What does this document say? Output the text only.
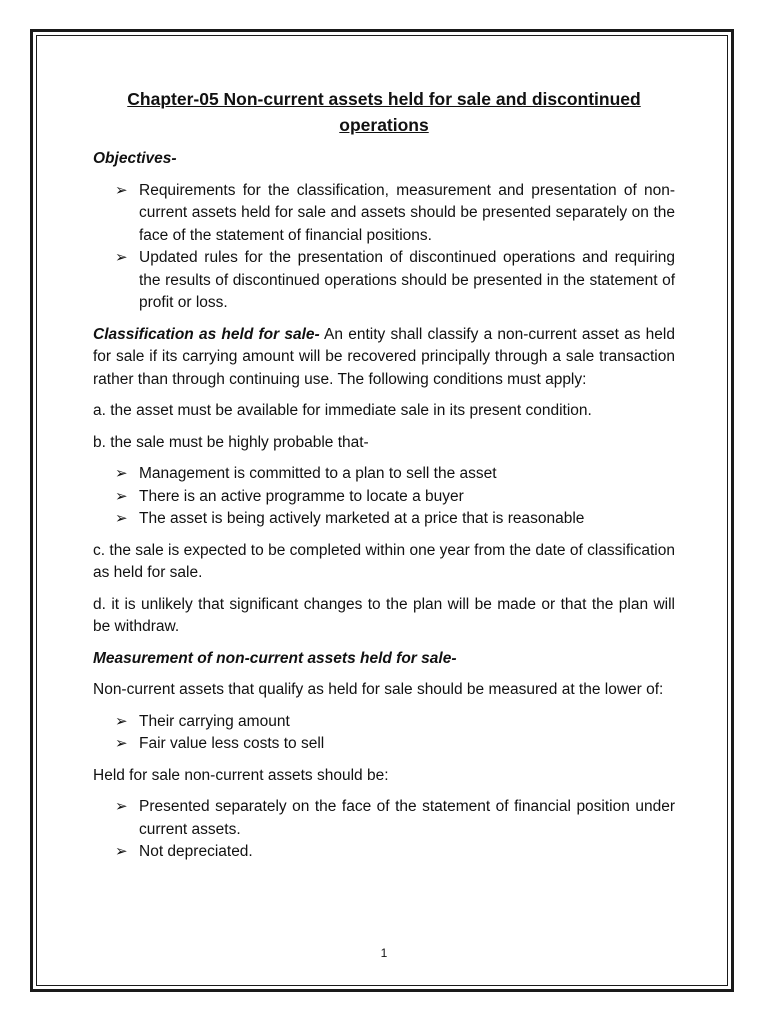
Chapter-05 Non-current assets held for sale and discontinued operations
Objectives-
➢ Requirements for the classification, measurement and presentation of non-current assets held for sale and assets should be presented separately on the face of the statement of financial positions.
➢ Updated rules for the presentation of discontinued operations and requiring the results of discontinued operations should be presented in the statement of profit or loss.
Classification as held for sale- An entity shall classify a non-current asset as held for sale if its carrying amount will be recovered principally through a sale transaction rather than through continuing use. The following conditions must apply:
a. the asset must be available for immediate sale in its present condition.
b. the sale must be highly probable that-
➢ Management is committed to a plan to sell the asset
➢ There is an active programme to locate a buyer
➢ The asset is being actively marketed at a price that is reasonable
c. the sale is expected to be completed within one year from the date of classification as held for sale.
d. it is unlikely that significant changes to the plan will be made or that the plan will be withdraw.
Measurement of non-current assets held for sale-
Non-current assets that qualify as held for sale should be measured at the lower of:
➢ Their carrying amount
➢ Fair value less costs to sell
Held for sale non-current assets should be:
➢ Presented separately on the face of the statement of financial position under current assets.
➢ Not depreciated.
1
